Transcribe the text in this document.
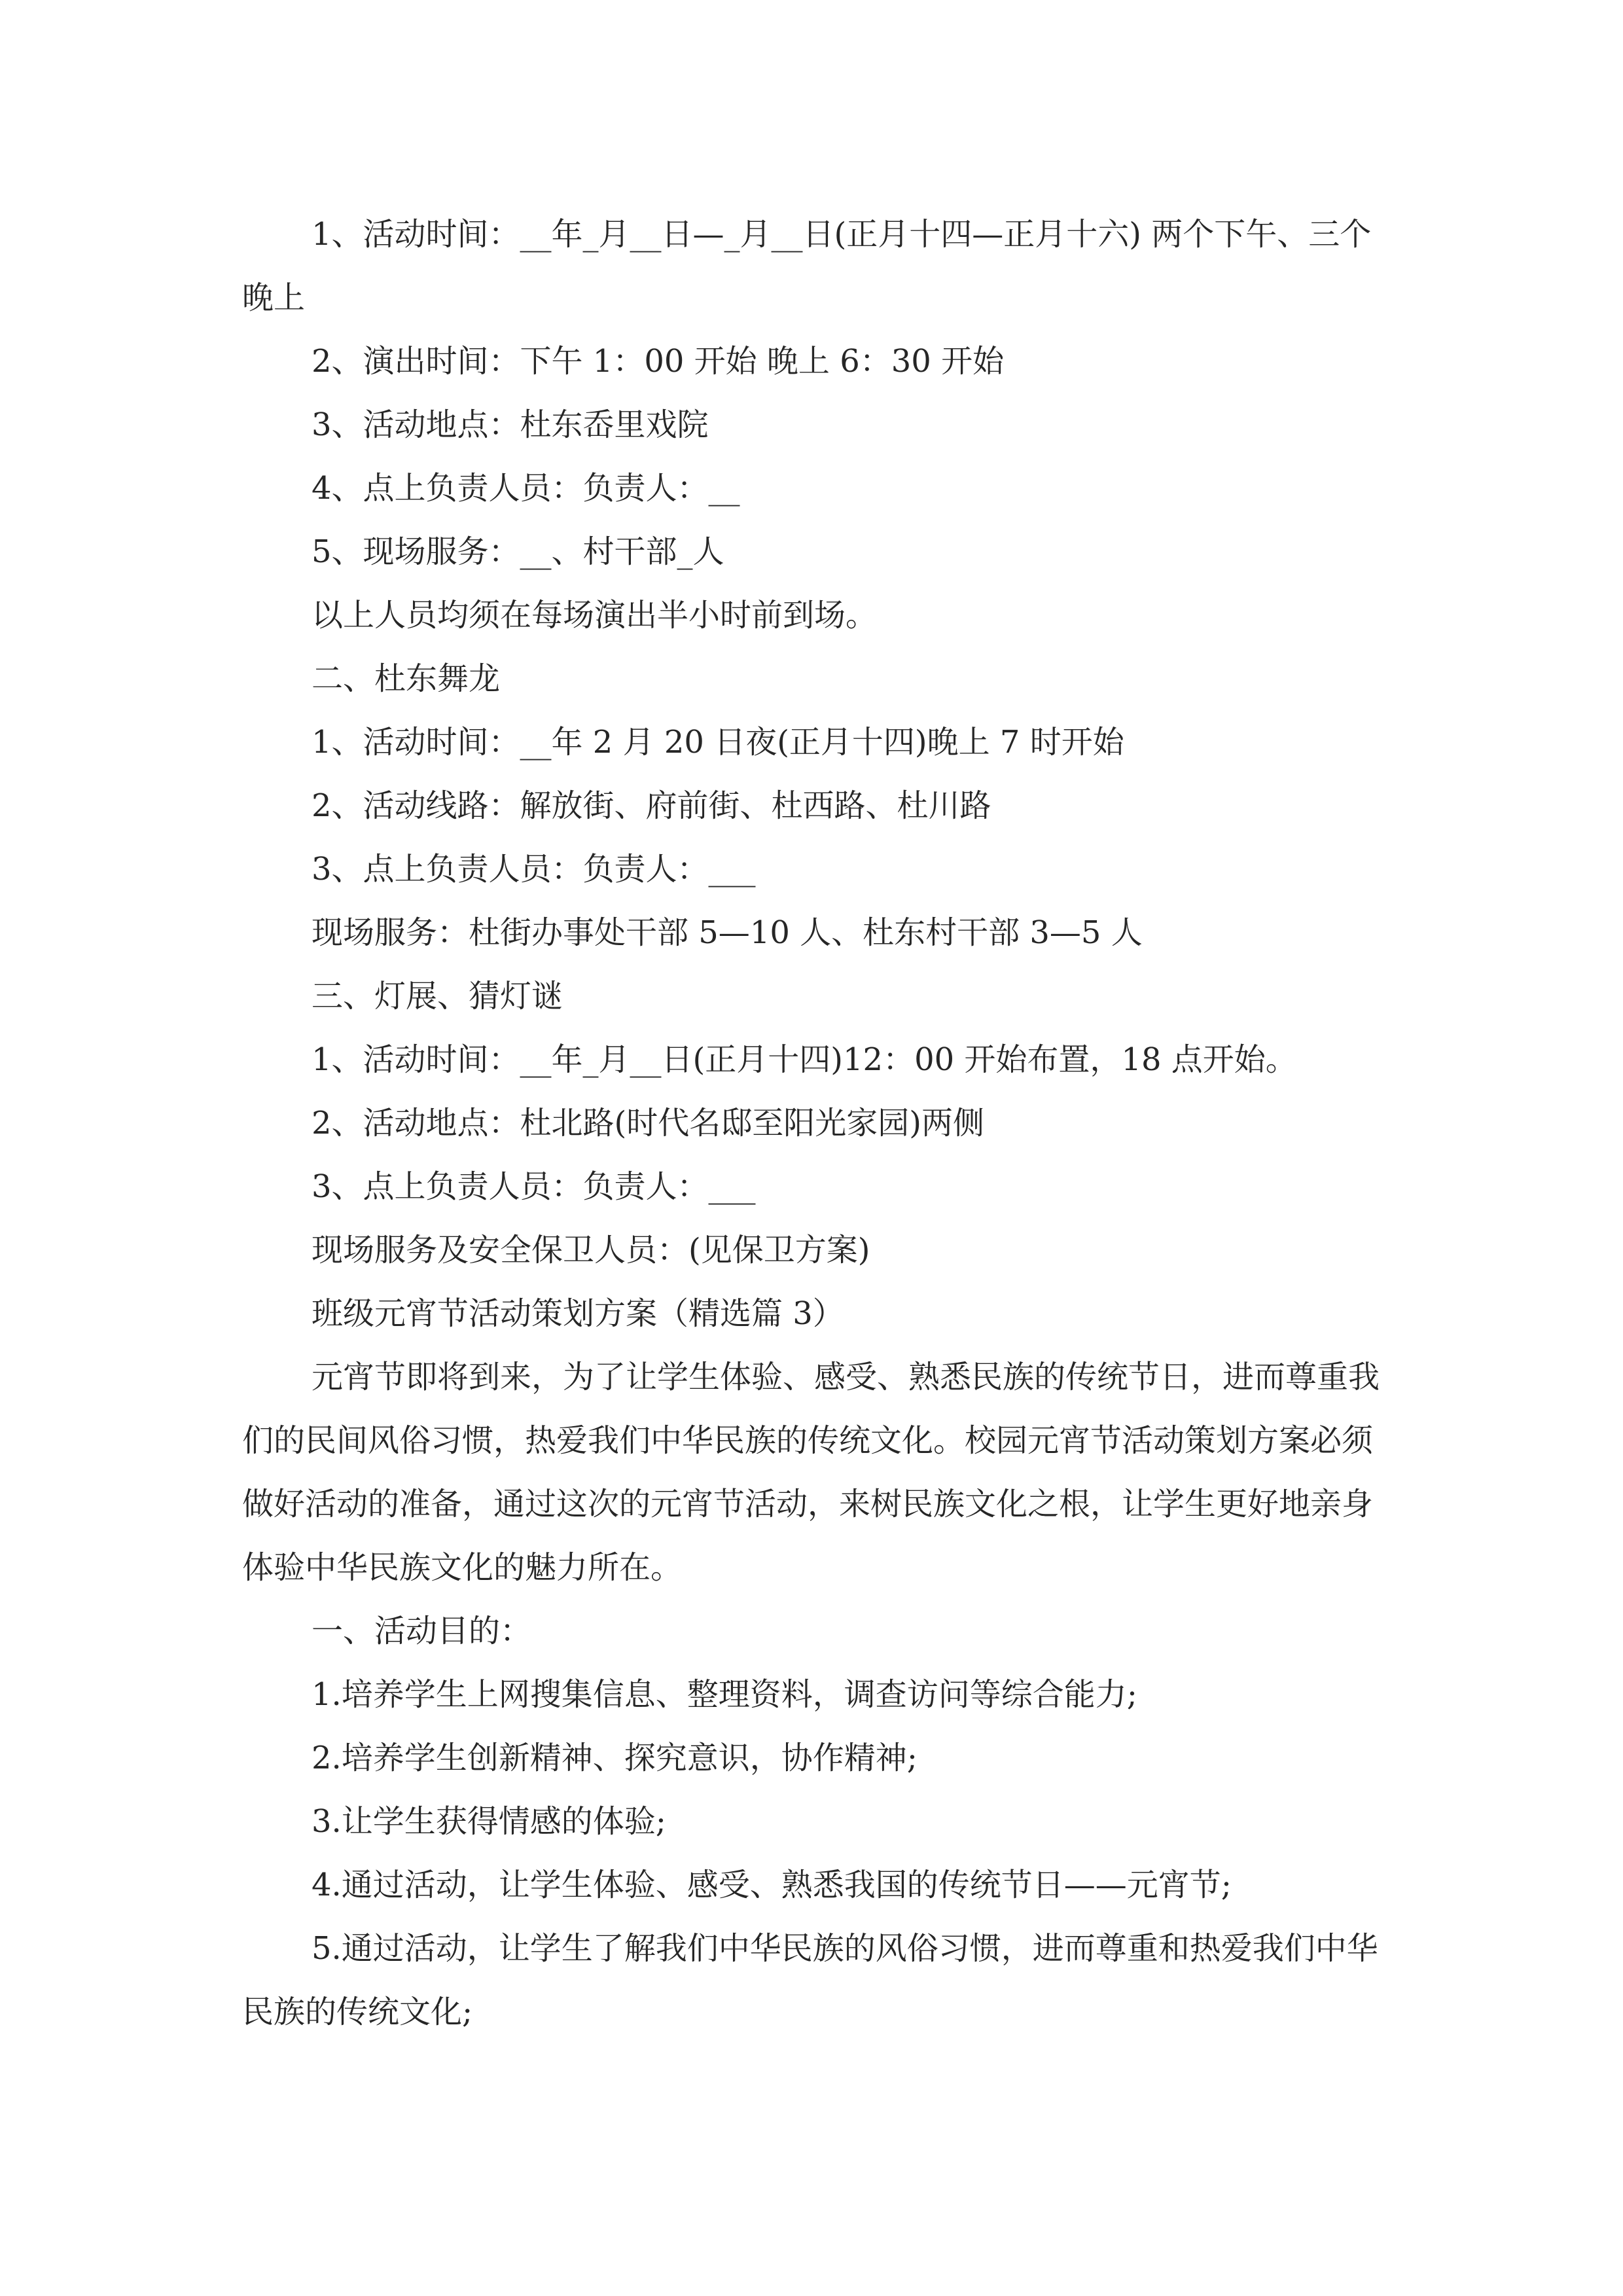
1、活动时间：__年_月__日—_月__日(正月十四—正月十六) 两个下午、三个晚上

2、演出时间：下午 1：00 开始 晚上 6：30 开始

3、活动地点：杜东岙里戏院

4、点上负责人员：负责人：__

5、现场服务：__、村干部_人

以上人员均须在每场演出半小时前到场。

二、杜东舞龙

1、活动时间：__年 2 月 20 日夜(正月十四)晚上 7 时开始

2、活动线路：解放街、府前街、杜西路、杜川路

3、点上负责人员：负责人：___

现场服务：杜街办事处干部 5—10 人、杜东村干部 3—5 人

三、灯展、猜灯谜

1、活动时间：__年_月__日(正月十四)12：00 开始布置，18 点开始。

2、活动地点：杜北路(时代名邸至阳光家园)两侧

3、点上负责人员：负责人：___

现场服务及安全保卫人员：(见保卫方案)

班级元宵节活动策划方案（精选篇 3）

元宵节即将到来，为了让学生体验、感受、熟悉民族的传统节日，进而尊重我们的民间风俗习惯，热爱我们中华民族的传统文化。校园元宵节活动策划方案必须做好活动的准备，通过这次的元宵节活动，来树民族文化之根，让学生更好地亲身体验中华民族文化的魅力所在。

一、活动目的：

1.培养学生上网搜集信息、整理资料，调查访问等综合能力;

2.培养学生创新精神、探究意识，协作精神;

3.让学生获得情感的体验;

4.通过活动，让学生体验、感受、熟悉我国的传统节日——元宵节;

5.通过活动，让学生了解我们中华民族的风俗习惯，进而尊重和热爱我们中华民族的传统文化;
